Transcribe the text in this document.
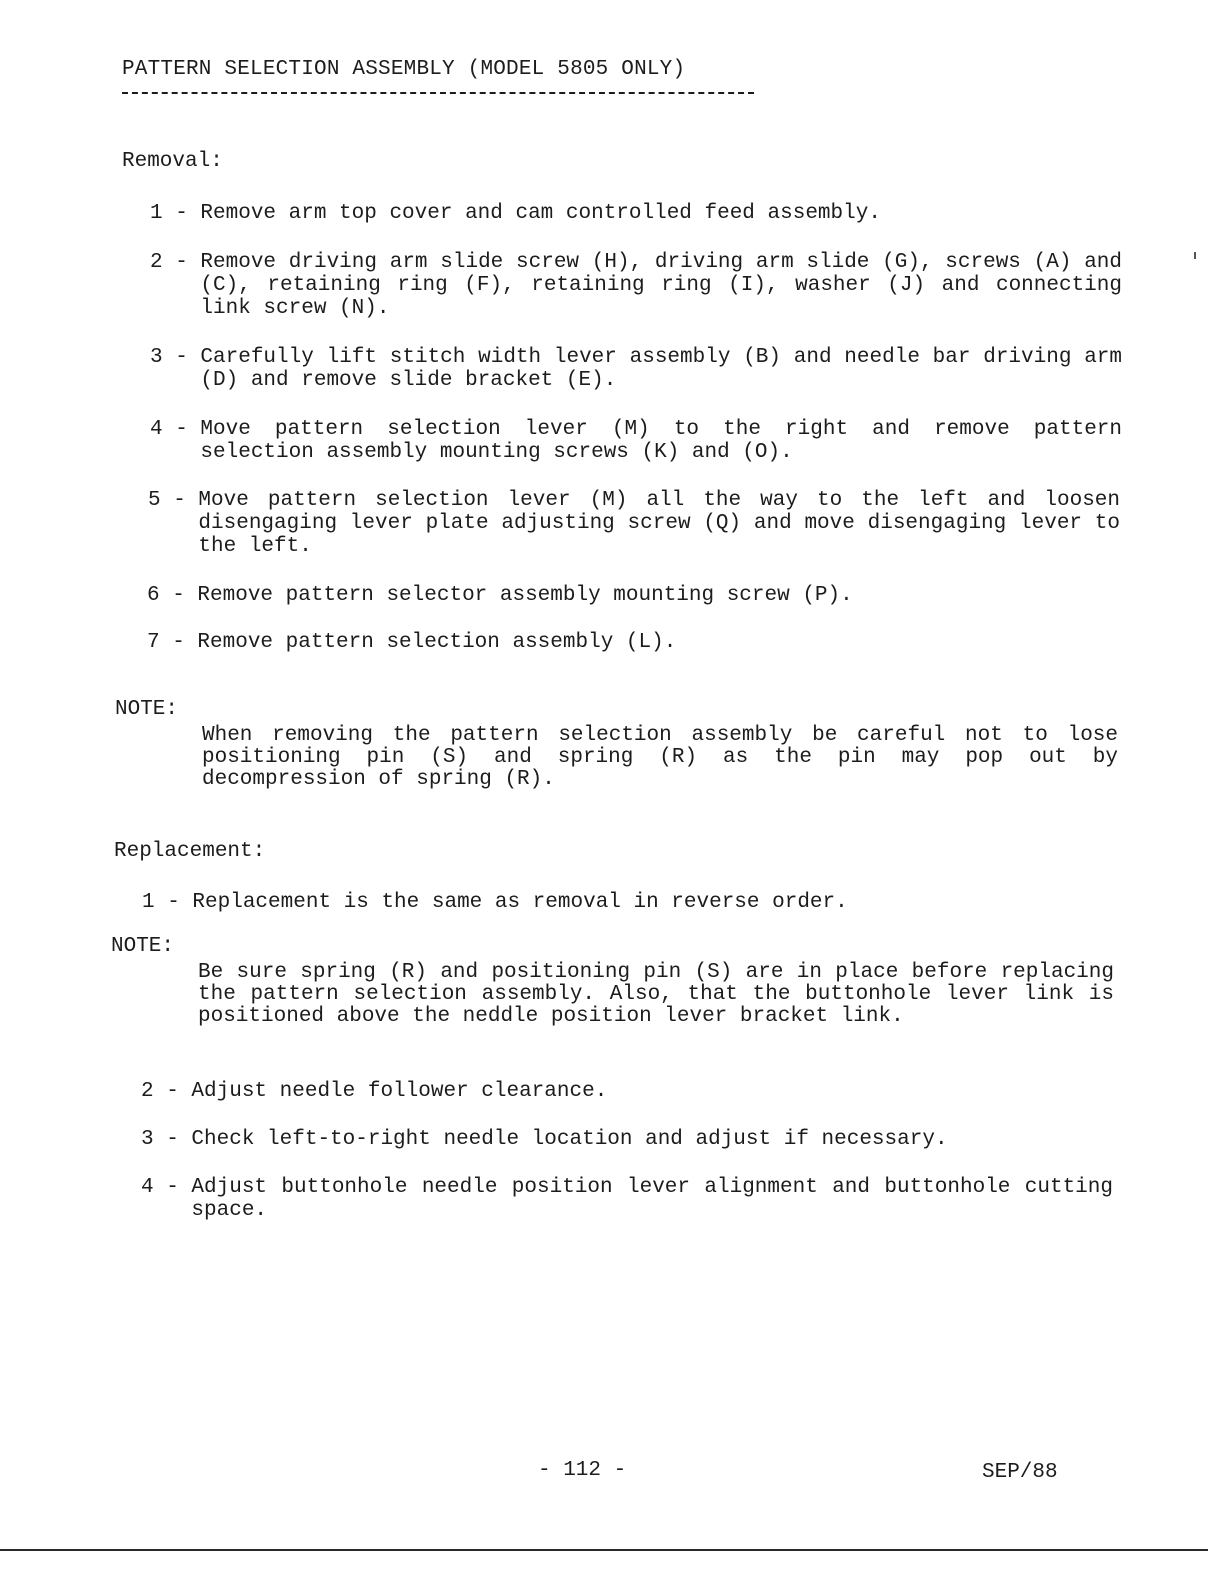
PATTERN SELECTION ASSEMBLY (MODEL 5805 ONLY)
Removal:
1 - Remove arm top cover and cam controlled feed assembly.
2 - Remove driving arm slide screw (H), driving arm slide (G), screws (A) and (C), retaining ring (F), retaining ring (I), washer (J) and connecting link screw (N).
3 - Carefully lift stitch width lever assembly (B) and needle bar driving arm (D) and remove slide bracket (E).
4 - Move pattern selection lever (M) to the right and remove pattern selection assembly mounting screws (K) and (O).
5 - Move pattern selection lever (M) all the way to the left and loosen disengaging lever plate adjusting screw (Q) and move disengaging lever to the left.
6 - Remove pattern selector assembly mounting screw (P).
7 - Remove pattern selection assembly (L).
NOTE:
When removing the pattern selection assembly be careful not to lose positioning pin (S) and spring (R) as the pin may pop out by decompression of spring (R).
Replacement:
1 - Replacement is the same as removal in reverse order.
NOTE:
Be sure spring (R) and positioning pin (S) are in place before replacing the pattern selection assembly. Also, that the buttonhole lever link is positioned above the neddle position lever bracket link.
2 - Adjust needle follower clearance.
3 - Check left-to-right needle location and adjust if necessary.
4 - Adjust buttonhole needle position lever alignment and buttonhole cutting space.
- 112 -	SEP/88
